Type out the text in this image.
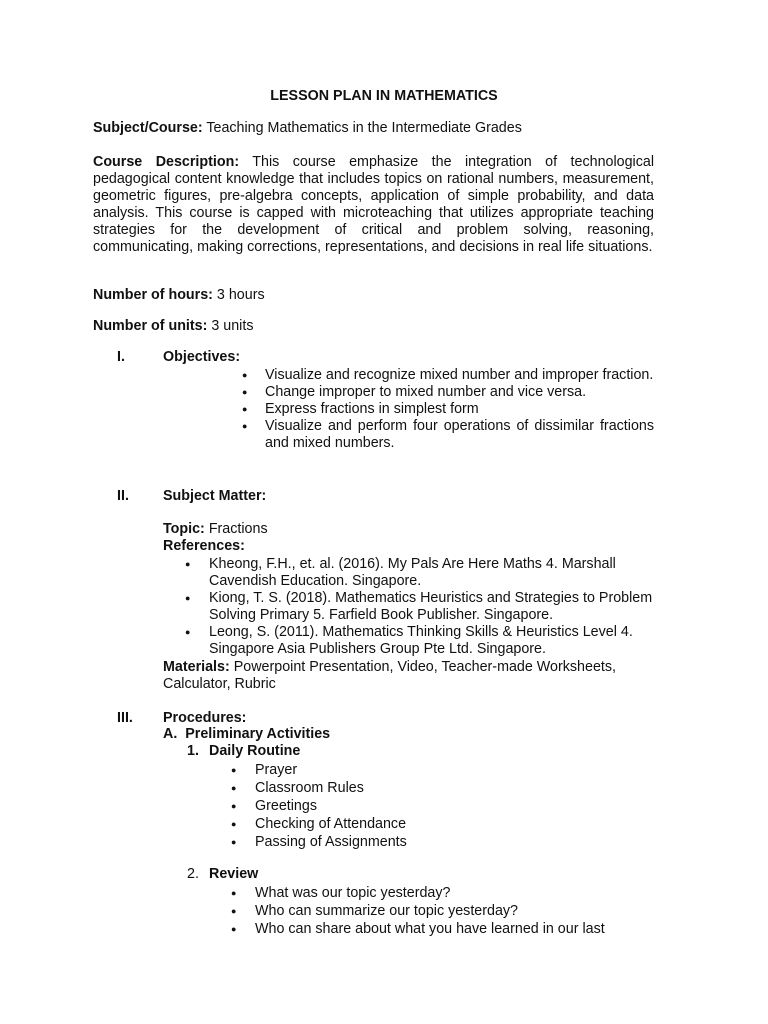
LESSON PLAN IN MATHEMATICS
Subject/Course: Teaching Mathematics in the Intermediate Grades
Course Description: This course emphasize the integration of technological pedagogical content knowledge that includes topics on rational numbers, measurement, geometric figures, pre-algebra concepts, application of simple probability, and data analysis. This course is capped with microteaching that utilizes appropriate teaching strategies for the development of critical and problem solving, reasoning, communicating, making corrections, representations, and decisions in real life situations.
Number of hours: 3 hours
Number of units: 3 units
I.	Objectives:
● Visualize and recognize mixed number and improper fraction.
● Change improper to mixed number and vice versa.
● Express fractions in simplest form
● Visualize and perform four operations of dissimilar fractions and mixed numbers.
II. Subject Matter:
Topic: Fractions
References:
● Kheong, F.H., et. al. (2016). My Pals Are Here Maths 4. Marshall Cavendish Education. Singapore.
● Kiong, T. S. (2018). Mathematics Heuristics and Strategies to Problem Solving Primary 5. Farfield Book Publisher. Singapore.
● Leong, S. (2011). Mathematics Thinking Skills & Heuristics Level 4. Singapore Asia Publishers Group Pte Ltd. Singapore.
Materials: Powerpoint Presentation, Video, Teacher-made Worksheets, Calculator, Rubric
III. Procedures:
A.  Preliminary Activities
1. Daily Routine
● Prayer
● Classroom Rules
● Greetings
● Checking of Attendance
● Passing of Assignments
2. Review
● What was our topic yesterday?
● Who can summarize our topic yesterday?
● Who can share about what you have learned in our last
